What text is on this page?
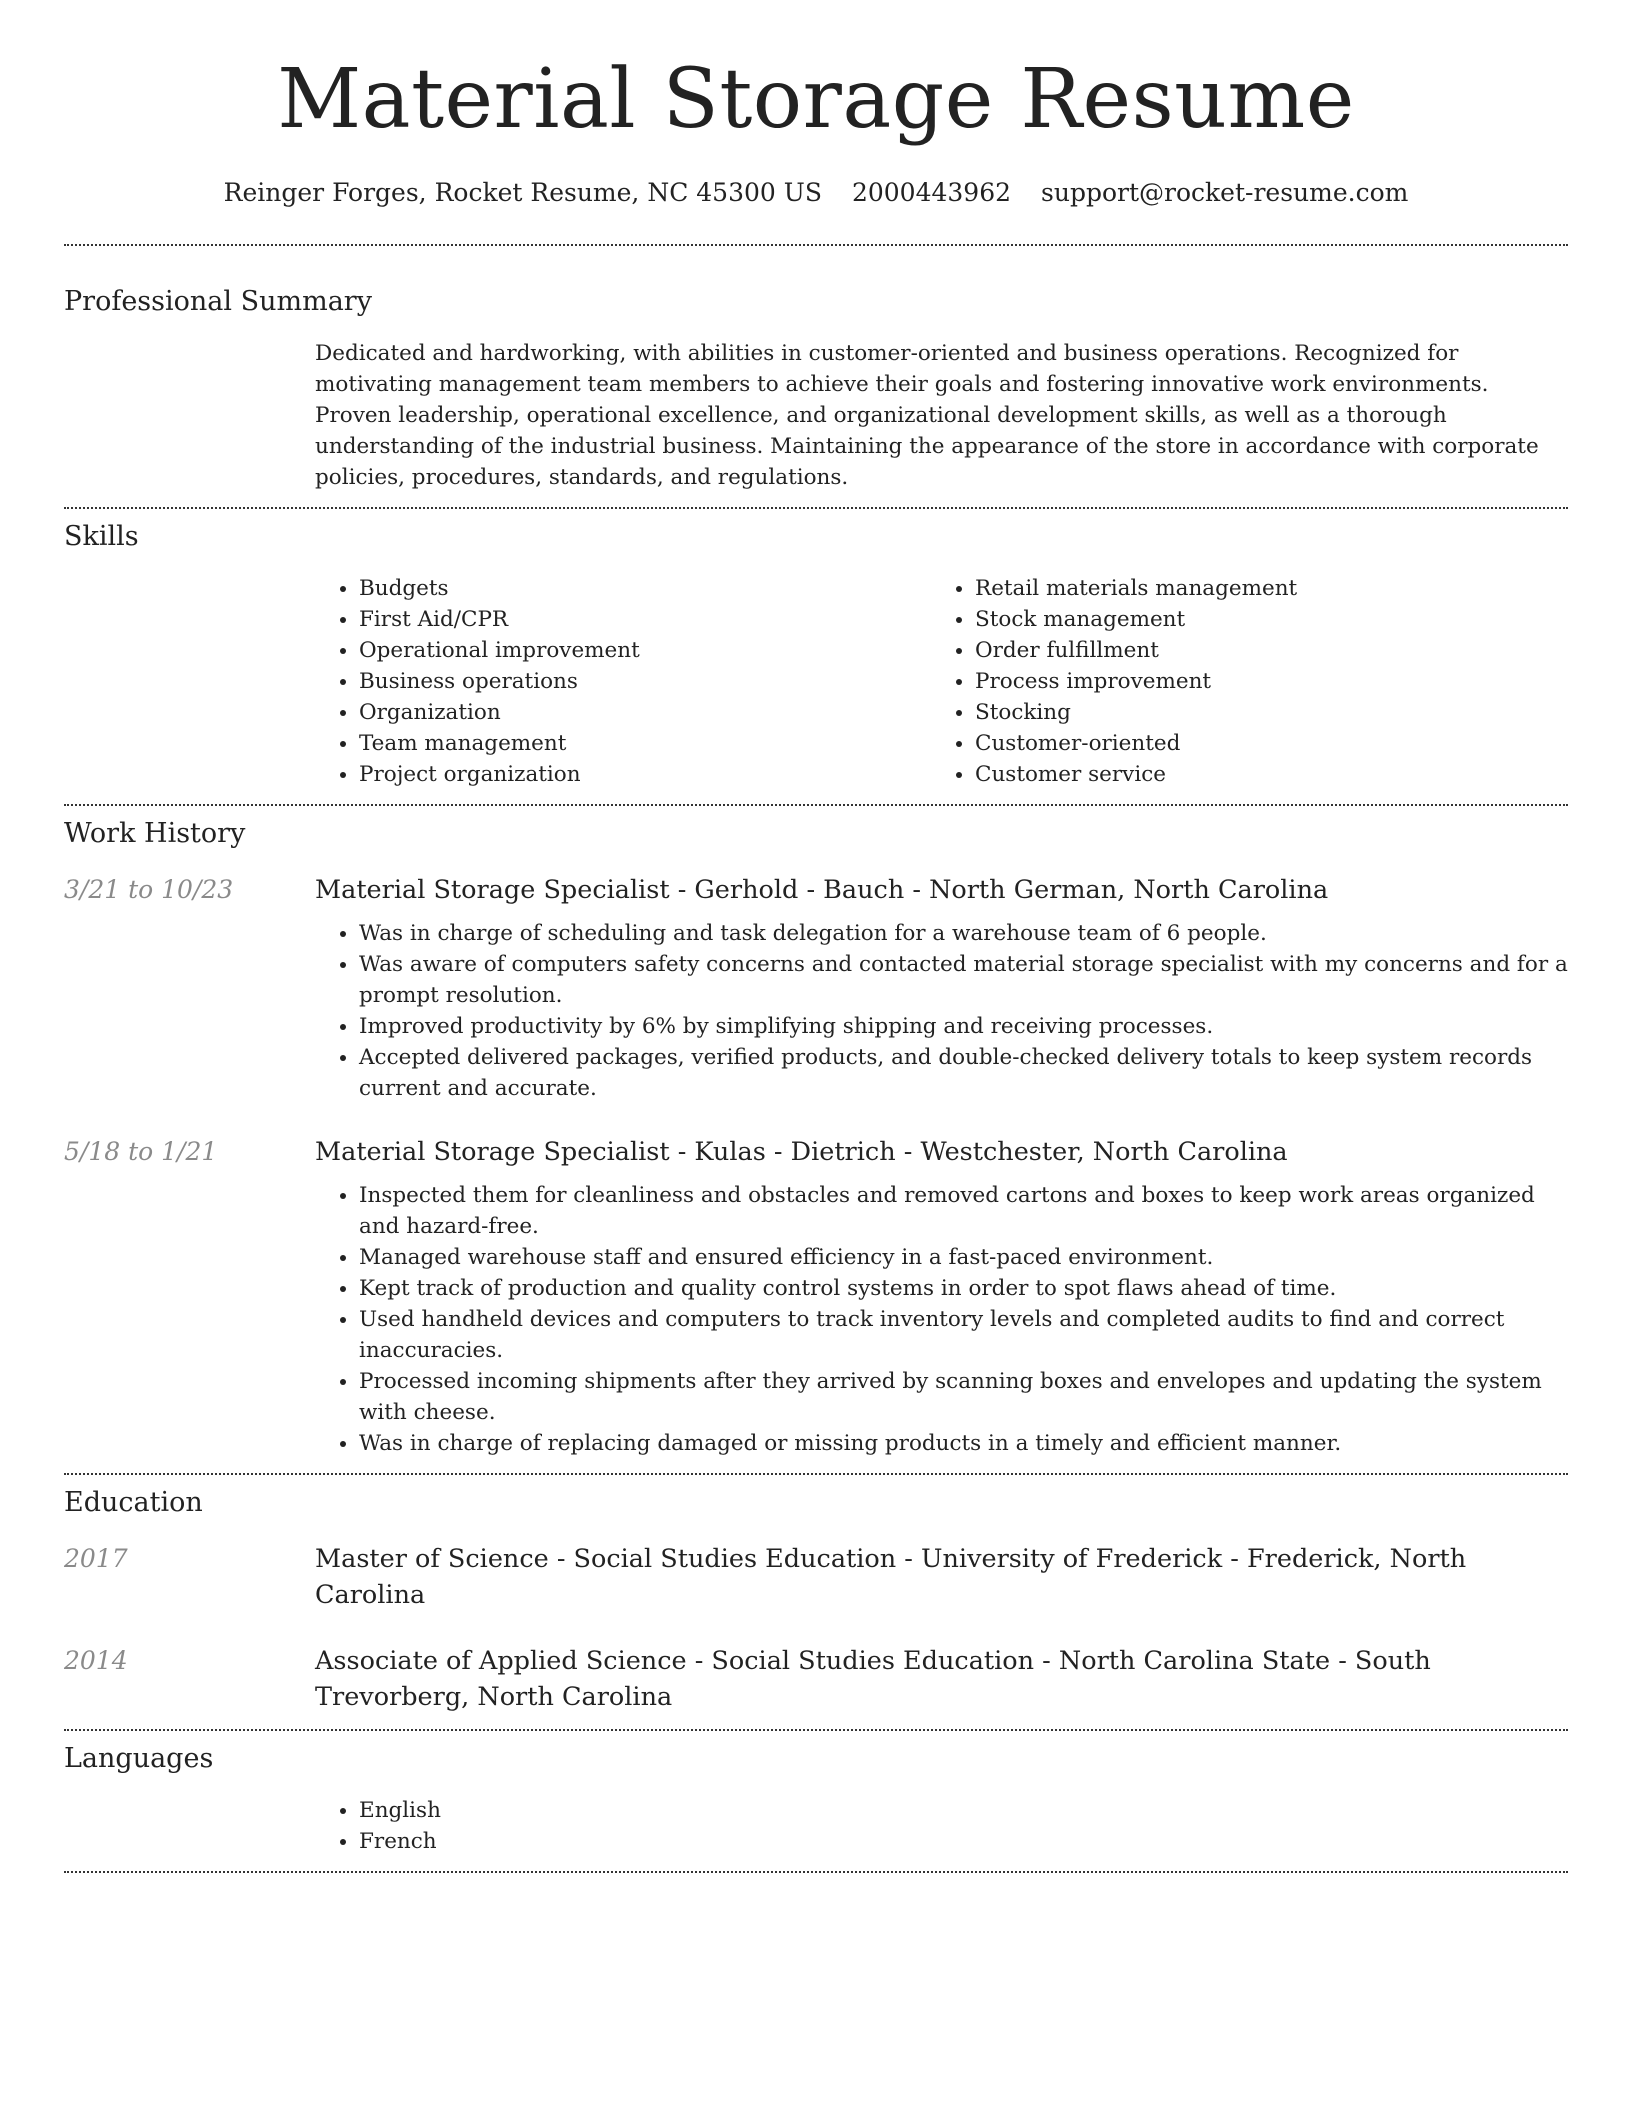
Material Storage Resume
Reinger Forges, Rocket Resume, NC 45300 US 2000443962 support@rocket-resume.com
Professional Summary

Dedicated and hardworking, with abilities in customer-oriented and business operations. Recognized for motivating management team members to achieve their goals and fostering innovative work environments. Proven leadership, operational excellence, and organizational development skills, as well as a thorough understanding of the industrial business. Maintaining the appearance of the store in accordance with corporate policies, procedures, standards, and regulations.

Skills
• Budgets
• First Aid/CPR
• Operational improvement
• Business operations
• Organization
• Team management
• Project organization
• Retail materials management
• Stock management
• Order fulfillment
• Process improvement
• Stocking
• Customer-oriented
• Customer service
Work History
3/21 to 10/23	Material Storage Specialist - Gerhold - Bauch - North German, North Carolina
• Was in charge of scheduling and task delegation for a warehouse team of 6 people.
• Was aware of computers safety concerns and contacted material storage specialist with my concerns and for a prompt resolution.
• Improved productivity by 6% by simplifying shipping and receiving processes.
• Accepted delivered packages, verified products, and double-checked delivery totals to keep system records current and accurate.
5/18 to 1/21	Material Storage Specialist - Kulas - Dietrich - Westchester, North Carolina
• Inspected them for cleanliness and obstacles and removed cartons and boxes to keep work areas organized and hazard-free.
• Managed warehouse staff and ensured efficiency in a fast-paced environment.
• Kept track of production and quality control systems in order to spot flaws ahead of time.
• Used handheld devices and computers to track inventory levels and completed audits to find and correct inaccuracies.
• Processed incoming shipments after they arrived by scanning boxes and envelopes and updating the system with cheese.
• Was in charge of replacing damaged or missing products in a timely and efficient manner.
Education
2017	Master of Science - Social Studies Education - University of Frederick - Frederick, North Carolina
2014	Associate of Applied Science - Social Studies Education - North Carolina State - South Trevorberg, North Carolina
Languages
• English
• French
